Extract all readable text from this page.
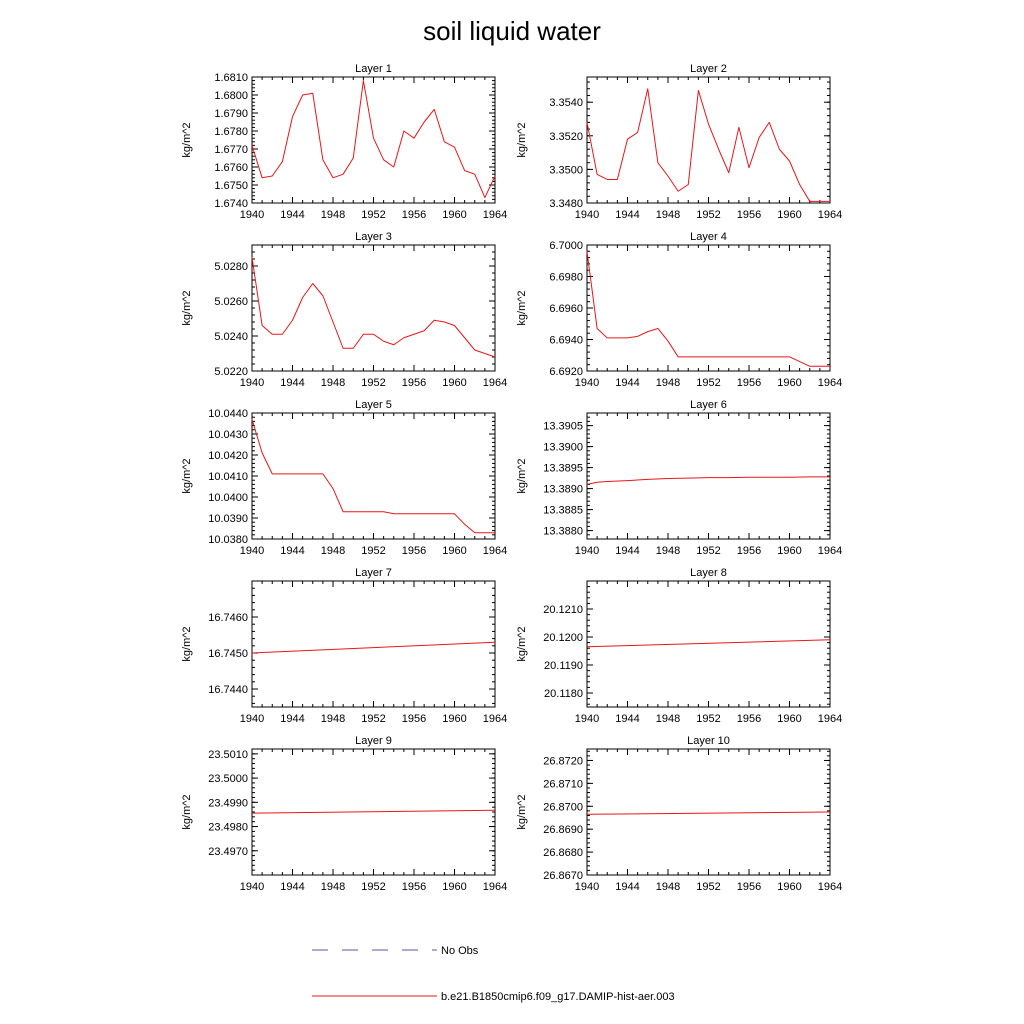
soil liquid water
Layer 1
1940 1944 1948 1952 1956 1960 1964
1.6740
1.6750
1.6760
1.6770
1.6780
1.6790
1.6800
1.6810
kg/m^2
Layer 2
1940 1944 1948 1952 1956 1960 1964
3.3480
3.3500
3.3520
3.3540
kg/m^2
Layer 3
1940 1944 1948 1952 1956 1960 1964
5.0220
5.0240
5.0260
5.0280
kg/m^2
Layer 4
1940 1944 1948 1952 1956 1960 1964
6.6920
6.6940
6.6960
6.6980
6.7000
kg/m^2
Layer 5
1940 1944 1948 1952 1956 1960 1964
10.0380
10.0390
10.0400
10.0410
10.0420
10.0430
10.0440
kg/m^2
Layer 6
1940 1944 1948 1952 1956 1960 1964
13.3880
13.3885
13.3890
13.3895
13.3900
13.3905
kg/m^2
Layer 7
1940 1944 1948 1952 1956 1960 1964
16.7440
16.7450
16.7460
kg/m^2
Layer 8
1940 1944 1948 1952 1956 1960 1964
20.1180
20.1190
20.1200
20.1210
kg/m^2
Layer 9
1940 1944 1948 1952 1956 1960 1964
23.4970
23.4980
23.4990
23.5000
23.5010
kg/m^2
Layer 10
1940 1944 1948 1952 1956 1960 1964
26.8670
26.8680
26.8690
26.8700
26.8710
26.8720
kg/m^2
No Obs
b.e21.B1850cmip6.f09_g17.DAMIP-hist-aer.003
